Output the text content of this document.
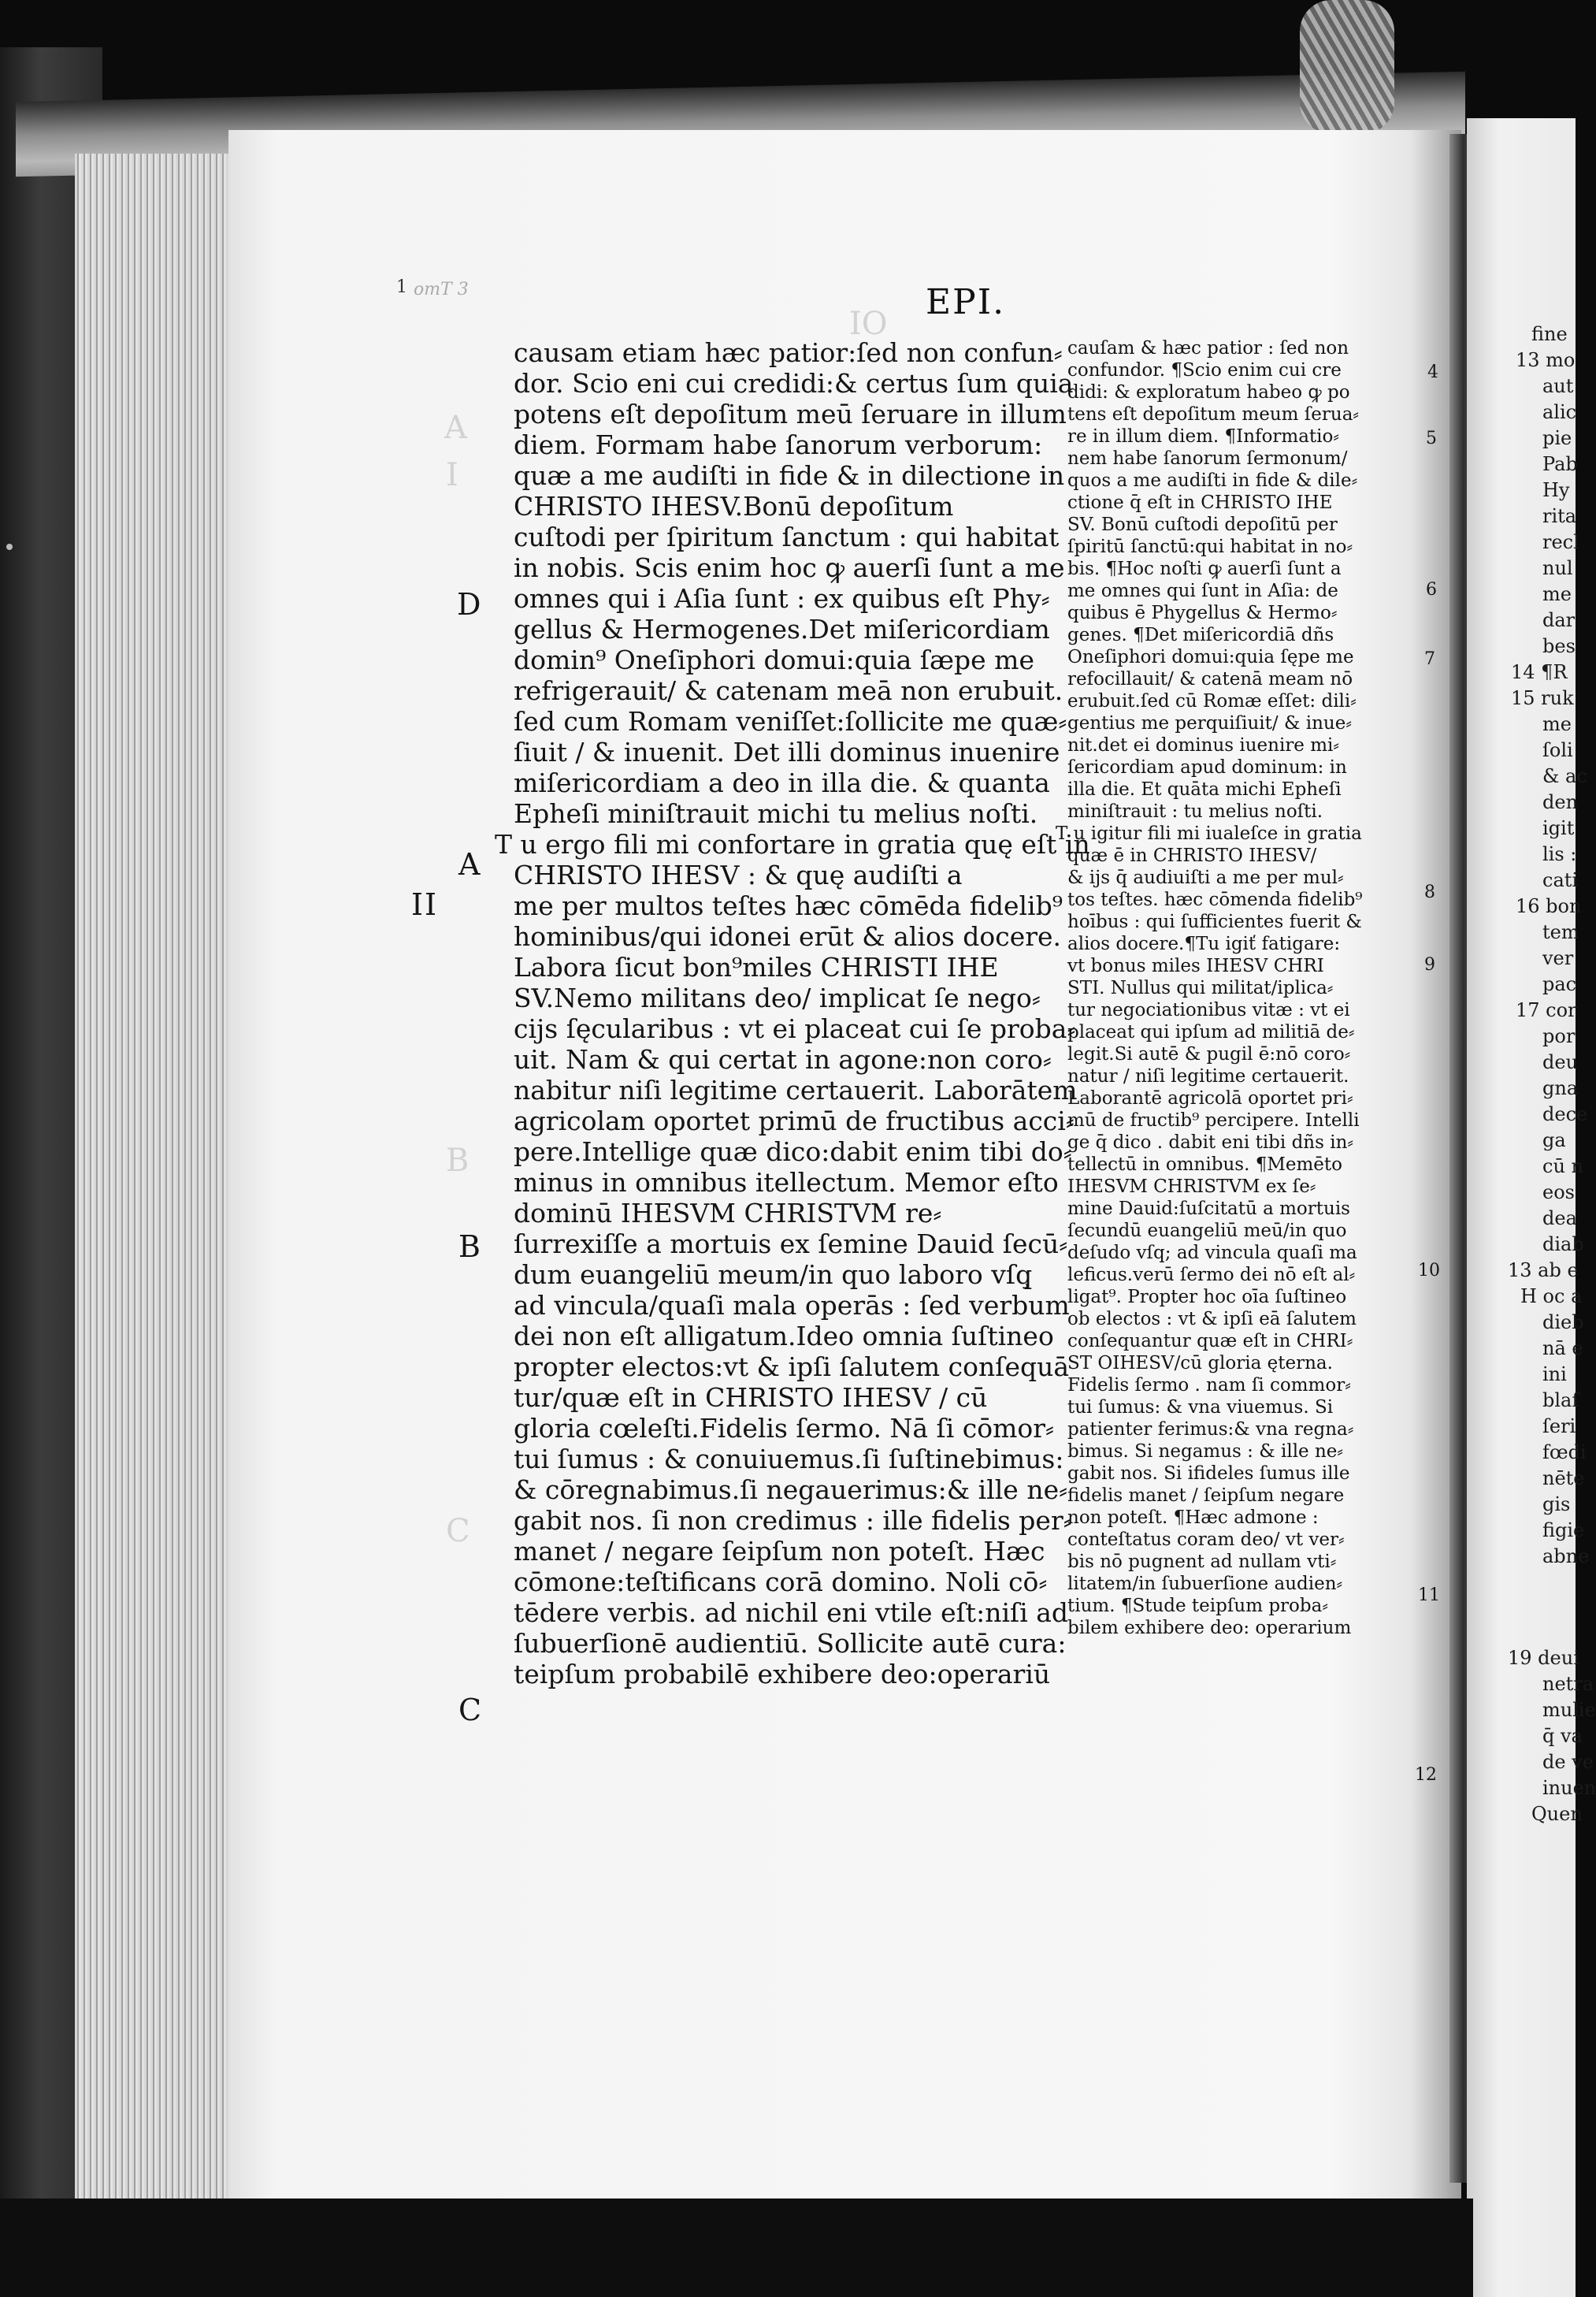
IO
A
I
B
C
1 omT 3	EPI.
D
A
II
B
C
causam etiam hæc patior:ſed non confun⸗
dor. Scio eni cui credidi:& certus ſum quia
potens eſt depoſitum meū ſeruare in illum
diem. Formam habe ſanorum verborum:
quæ a me audiſti in fide & in dilectione in
CHRISTO IHESV.Bonū depoſitum
cuſtodi per ſpiritum ſanctum : qui habitat
in nobis. Scis enim hoc ꝙ auerſi ſunt a me
omnes qui i Aſia ſunt : ex quibus eſt Phy⸗
gellus & Hermogenes.Det miſericordiam
domin⁹ Oneſiphori domui:quia ſæpe me
refrigerauit/ & catenam meā non erubuit.
ſed cum Romam veniſſet:ſollicite me quæ⸗
ſiuit / & inuenit. Det illi dominus inuenire
miſericordiam a deo in illa die. & quanta
Epheſi miniſtrauit michi tu melius noſti.
T u ergo fili mi confortare in gratia quę eſt in
CHRISTO IHESV : & quę audiſti a
me per multos teſtes hæc cōmēda fidelib⁹
hominibus/qui idonei erūt & alios docere.
Labora ſicut bon⁹miles CHRISTI IHE
SV.Nemo militans deo/ implicat ſe nego⸗
cijs ſęcularibus : vt ei placeat cui ſe proba⸗
uit. Nam & qui certat in agone:non coro⸗
nabitur niſi legitime certauerit. Laborātem
agricolam oportet primū de fructibus acci⸗
pere.Intellige quæ dico:dabit enim tibi do⸗
minus in omnibus itellectum. Memor eſto
dominū IHESVM CHRISTVM re⸗
ſurrexiſſe a mortuis ex ſemine Dauid ſecū⸗
dum euangeliū meum/in quo laboro vſq̧
ad vincula/quaſi mala operās : ſed verbum
dei non eſt alligatum.Ideo omnia ſuſtineo
propter electos:vt & ipſi ſalutem conſequā
tur/quæ eſt in CHRISTO IHESV / cū
gloria cœleſti.Fidelis ſermo. Nā ſi cōmor⸗
tui ſumus : & conuiuemus.ſi ſuſtinebimus:
& cōregnabimus.ſi negauerimus:& ille ne⸗
gabit nos. ſi non credimus : ille fidelis per⸗
manet / negare ſeipſum non poteſt. Hæc
cōmone:teſtificans corā domino. Noli cō⸗
tēdere verbis. ad nichil eni vtile eſt:niſi ad
ſubuerſionē audientiū. Sollicite autē cura:
teipſum probabilē exhibere deo:operariū
cauſam & hæc patior : ſed non
confundor. ¶Scio enim cui cre
didi: & exploratum habeo ꝙ po
tens eſt depoſitum meum ſerua⸗
re in illum diem. ¶Informatio⸗
nem habe ſanorum ſermonum/
quos a me audiſti in fide & dile⸗
ctione q̄ eſt in CHRISTO IHE
SV. Bonū cuſtodi depoſitū per
ſpiritū ſanctū:qui habitat in no⸗
bis. ¶Hoc noſti ꝙ auerſi ſunt a
me omnes qui ſunt in Aſia: de
quibus ē Phygellus & Hermo⸗
genes. ¶Det miſericordiā dñs
Oneſiphori domui:quia ſępe me
refocillauit/ & catenā meam nō
erubuit.ſed cū Romæ eſſet: dili⸗
gentius me perquiſiuit/ & inue⸗
nit.det ei dominus iuenire mi⸗
ſericordiam apud dominum: in
illa die. Et quāta michi Epheſi
miniſtrauit : tu melius noſti.
T u igitur fili mi iualeſce in gratia
quæ ē in CHRISTO IHESV/
& ijs q̄ audiuiſti a me per mul⸗
tos teſtes. hæc cōmenda fidelib⁹
hoībus : qui ſufficientes fuerit &
alios docere.¶Tu igiť fatigare:
vt bonus miles IHESV CHRI
STI. Nullus qui militat/iplica⸗
tur negociationibus vitæ : vt ei
placeat qui ipſum ad militiā de⸗
legit.Si autē & pugil ē:nō coro⸗
natur / niſi legitime certauerit.
Laborantē agricolā oportet pri⸗
mū de fructib⁹ percipere. Intelli
ge q̄ dico . dabit eni tibi dñs in⸗
tellectū in omnibus. ¶Memēto
IHESVM CHRISTVM ex ſe⸗
mine Dauid:ſuſcitatū a mortuis
ſecundū euangeliū meū/in quo
deſudo vſq; ad vincula quaſi ma
leficus.verū ſermo dei nō eſt al⸗
ligat⁹. Propter hoc oīa ſuſtineo
ob electos : vt & ipſi eā ſalutem
conſequantur quæ eſt in CHRI⸗
ST OIHESV/cū gloria ęterna.
Fidelis ſermo . nam ſi commor⸗
tui ſumus: & vna viuemus. Si
patienter ferimus:& vna regna⸗
bimus. Si negamus : & ille ne⸗
gabit nos. Si ifideles ſumus ille
fidelis manet / ſeipſum negare
non poteſt. ¶Hæc admone :
conteſtatus coram deo/ vt ver⸗
bis nō pugnent ad nullam vti⸗
litatem/in ſubuerſione audien⸗
tium. ¶Stude teipſum proba⸗
bilem exhibere deo: operarium
4
5
6
7
8
9
10
11
12
fine
13 mo
aut
alic
pie
Pab
Hy
rita
recl
nul
me
dar
bes
14 ¶R
15 ruk
me
ſoli
& ac
den
igit
lis :
cati
16 bon
tem
ver
pac
17 cor
por
deu
gna
dece
ga
cū n
eos
dea
diab
13 ab e
H oc a
dieb
nā e
ini
blaſ
ſeri
fœdi
nēte
gis
figie
abne
19 deui
netra
mulie
q̄ va
de ve
inuen
Quen
